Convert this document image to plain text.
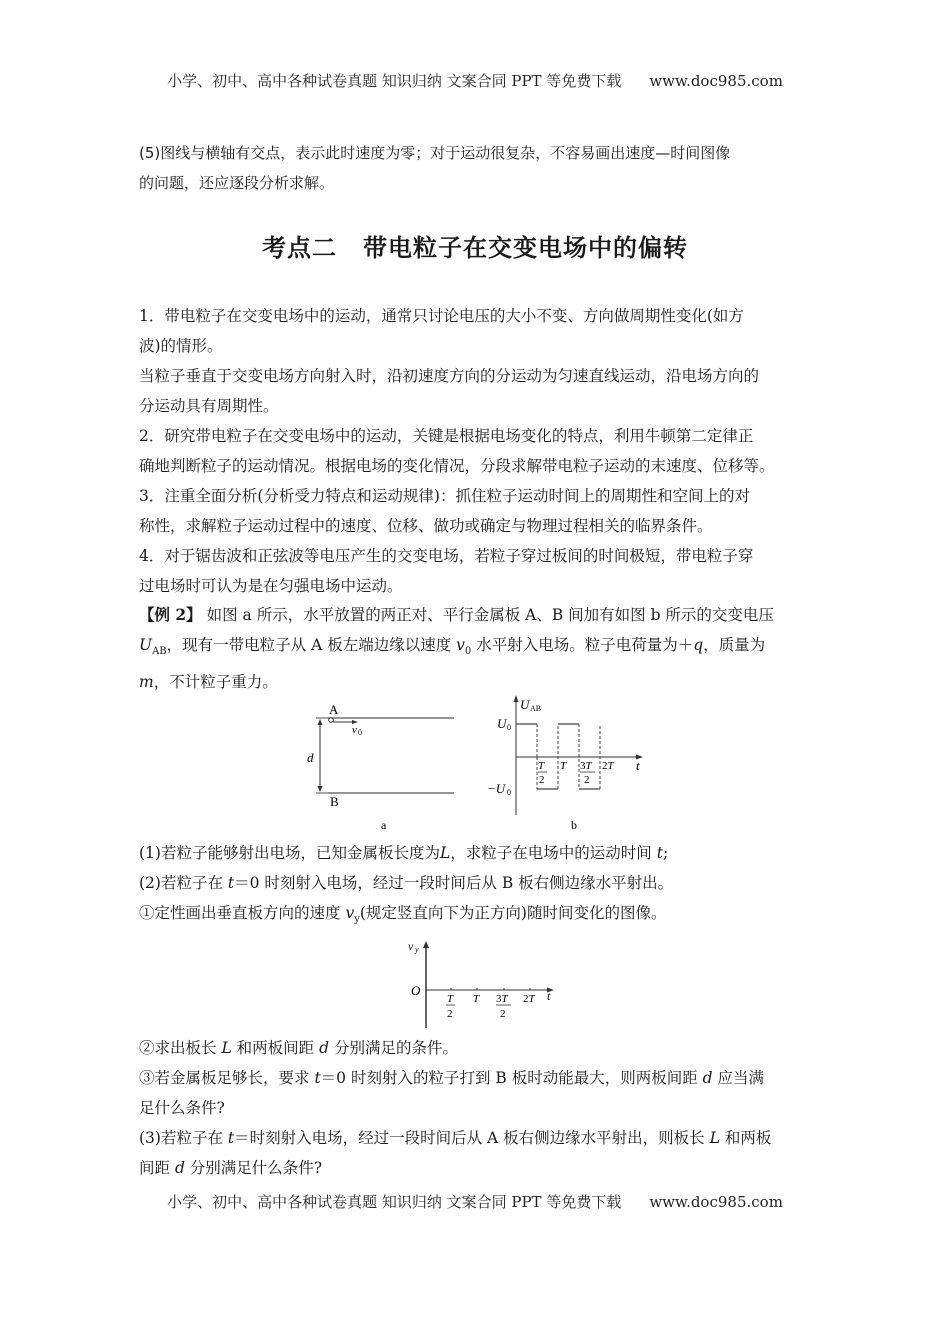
小学、初中、高中各种试卷真题 知识归纳 文案合同 PPT 等免费下载 www.doc985.com
(5)图线与横轴有交点，表示此时速度为零；对于运动很复杂，不容易画出速度—时间图像
的问题，还应逐段分析求解。
考点二 带电粒子在交变电场中的偏转
1．带电粒子在交变电场中的运动，通常只讨论电压的大小不变、方向做周期性变化(如方
波)的情形。
当粒子垂直于交变电场方向射入时，沿初速度方向的分运动为匀速直线运动，沿电场方向的
分运动具有周期性。
2．研究带电粒子在交变电场中的运动，关键是根据电场变化的特点，利用牛顿第二定律正
确地判断粒子的运动情况。根据电场的变化情况，分段求解带电粒子运动的末速度、位移等。
3．注重全面分析(分析受力特点和运动规律)：抓住粒子运动时间上的周期性和空间上的对
称性，求解粒子运动过程中的速度、位移、做功或确定与物理过程相关的临界条件。
4．对于锯齿波和正弦波等电压产生的交变电场，若粒子穿过板间的时间极短，带电粒子穿
过电场时可认为是在匀强电场中运动。
【例 2】 如图 a 所示，水平放置的两正对、平行金属板 A、B 间加有如图 b 所示的交变电压
$U_{AB}$，现有一带电粒子从 A 板左端边缘以速度 $v_0$ 水平射入电场。粒子电荷量为＋q，质量为
m，不计粒子重力。
A
B
d
v 0
a
U AB
U 0
−U 0
T
2
T 3T
2
2T t
b
(1)若粒子能够射出电场，已知金属板长度为L，求粒子在电场中的运动时间 t;
(2)若粒子在 t＝0 时刻射入电场，经过一段时间后从 B 板右侧边缘水平射出。
①定性画出垂直板方向的速度 $v_y$(规定竖直向下为正方向)随时间变化的图像。
v y
O
T
2
T 3T
2
2T t
②求出板长 L 和两板间距 d 分别满足的条件。
③若金属板足够长，要求 t＝0 时刻射入的粒子打到 B 板时动能最大，则两板间距 d 应当满
足什么条件?
(3)若粒子在 t＝时刻射入电场，经过一段时间后从 A 板右侧边缘水平射出，则板长 L 和两板
间距 d 分别满足什么条件?
小学、初中、高中各种试卷真题 知识归纳 文案合同 PPT 等免费下载 www.doc985.com
